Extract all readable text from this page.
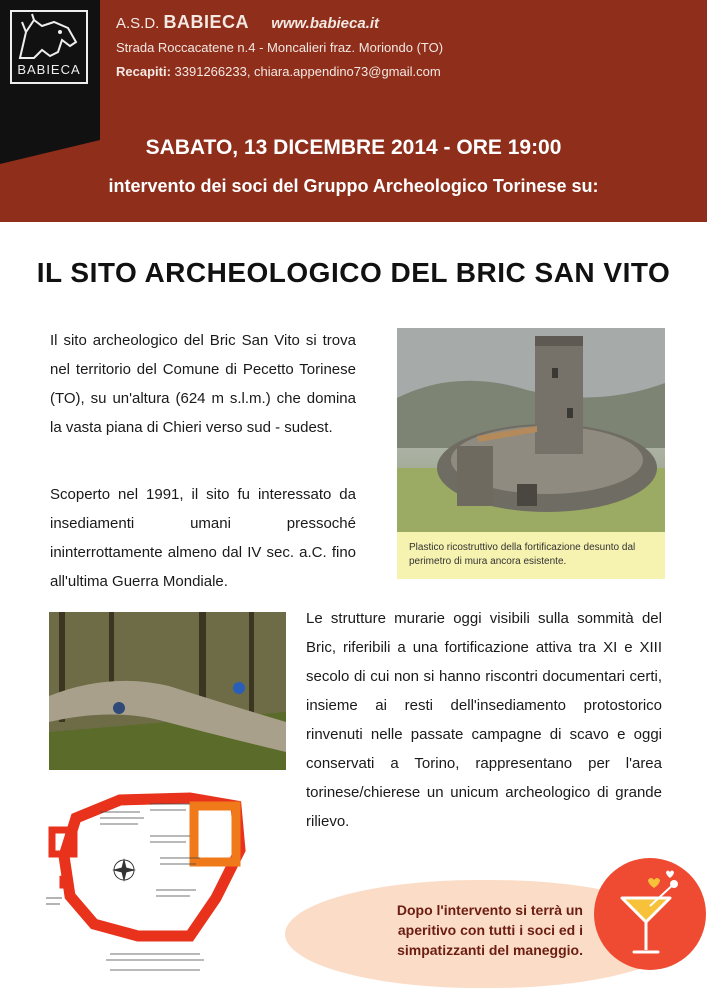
BABIECA
A.S.D. BABIECA www.babieca.it
Strada Roccacatene n.4 - Moncalieri fraz. Moriondo (TO)
Recapiti: 3391266233, chiara.appendino73@gmail.com
SABATO, 13 DICEMBRE 2014 - ORE 19:00
intervento dei soci del Gruppo Archeologico Torinese su:
IL SITO ARCHEOLOGICO DEL BRIC SAN VITO
Il sito archeologico del Bric San Vito si trova nel territorio del Comune di Pecetto Torinese (TO), su un'altura (624 m s.l.m.) che domina la vasta piana di Chieri verso sud - sudest.
Scoperto nel 1991, il sito fu interessato da insediamenti umani pressoché ininterrottamente almeno dal IV sec. a.C. fino all'ultima Guerra Mondiale.
Plastico ricostruttivo della fortificazione desunto dal perimetro di mura ancora esistente.
Le strutture murarie oggi visibili sulla sommità del Bric, riferibili a una fortificazione attiva tra XI e XIII secolo di cui non si hanno riscontri documentari certi, insieme ai resti dell'insediamento protostorico rinvenuti nelle passate campagne di scavo e oggi conservati a Torino, rappresentano per l'area torinese/chierese un unicum archeologico di grande rilievo.
Dopo l'intervento si terrà un aperitivo con tutti i soci ed i simpatizzanti del maneggio.
